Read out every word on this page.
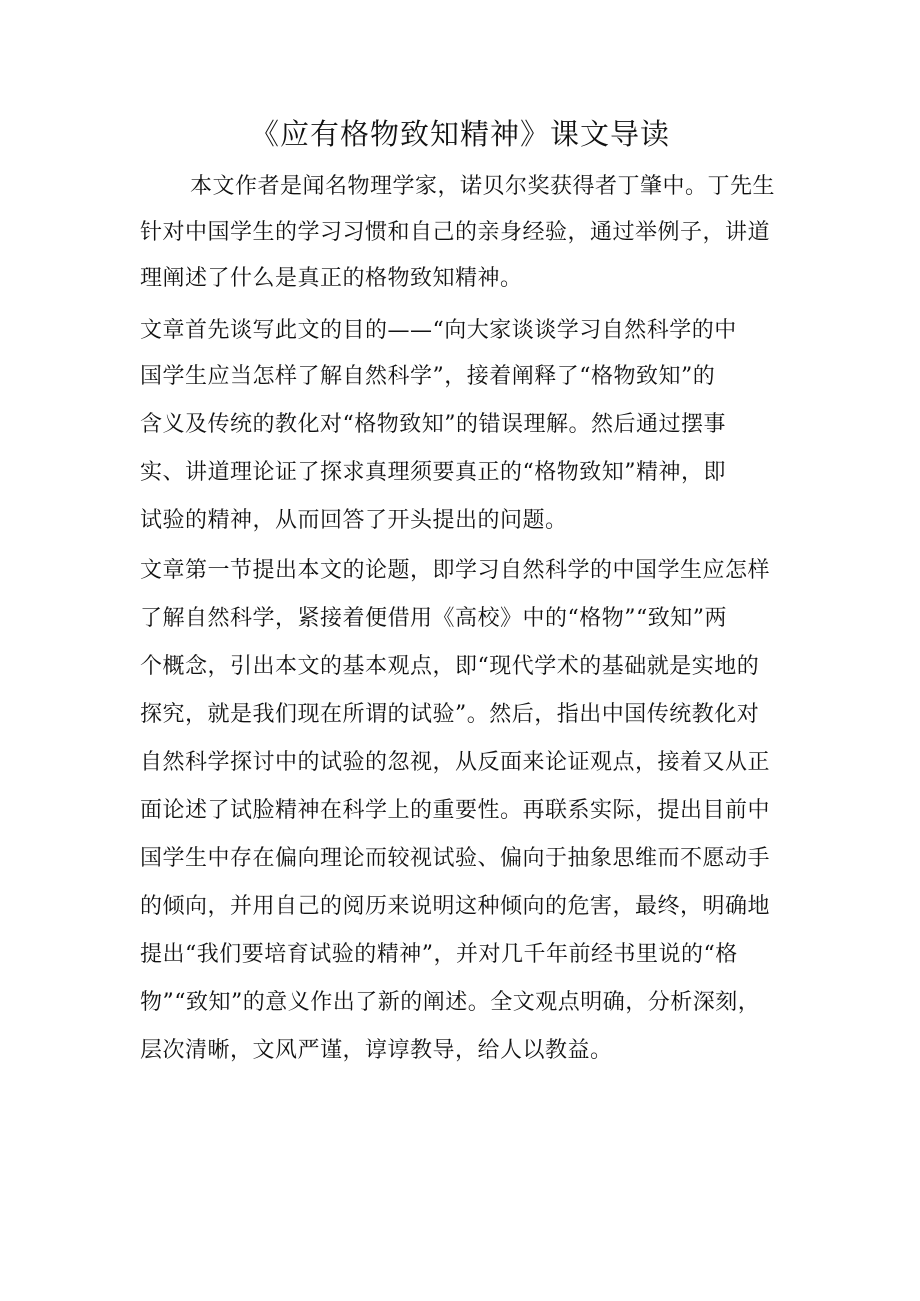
《应有格物致知精神》课文导读
本文作者是闻名物理学家，诺贝尔奖获得者丁肇中。丁先生
针对中国学生的学习习惯和自己的亲身经验，通过举例子，讲道
理阐述了什么是真正的格物致知精神。
文章首先谈写此文的目的——“向大家谈谈学习自然科学的中
国学生应当怎样了解自然科学”，接着阐释了“格物致知”的
含义及传统的教化对“格物致知”的错误理解。然后通过摆事
实、讲道理论证了探求真理须要真正的“格物致知”精神，即
试验的精神，从而回答了开头提出的问题。
文章第一节提出本文的论题，即学习自然科学的中国学生应怎样
了解自然科学，紧接着便借用《高校》中的“格物”“致知”两
个概念，引出本文的基本观点，即“现代学术的基础就是实地的
探究，就是我们现在所谓的试验”。然后，指出中国传统教化对
自然科学探讨中的试验的忽视，从反面来论证观点，接着又从正
面论述了试脸精神在科学上的重要性。再联系实际，提出目前中
国学生中存在偏向理论而较视试验、偏向于抽象思维而不愿动手
的倾向，并用自己的阅历来说明这种倾向的危害，最终，明确地
提出“我们要培育试验的精神”，并对几千年前经书里说的“格
物”“致知”的意义作出了新的阐述。全文观点明确，分析深刻，
层次清晰，文风严谨，谆谆教导，给人以教益。
